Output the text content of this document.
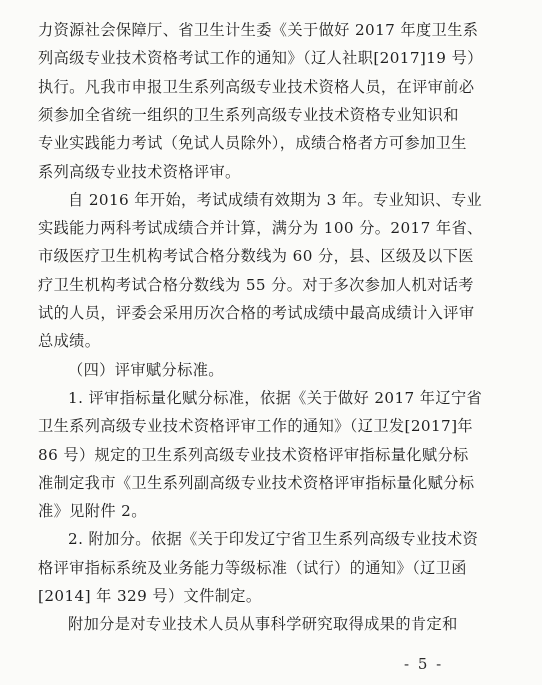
力资源社会保障厅、省卫生计生委《关于做好 2017 年度卫生系
列高级专业技术资格考试工作的通知》（辽人社职[2017]19 号）
执行。凡我市申报卫生系列高级专业技术资格人员，在评审前必
须参加全省统一组织的卫生系列高级专业技术资格专业知识和
专业实践能力考试（免试人员除外），成绩合格者方可参加卫生
系列高级专业技术资格评审。
自 2016 年开始，考试成绩有效期为 3 年。专业知识、专业
实践能力两科考试成绩合并计算，满分为 100 分。2017 年省、
市级医疗卫生机构考试合格分数线为 60 分，县、区级及以下医
疗卫生机构考试合格分数线为 55 分。对于多次参加人机对话考
试的人员，评委会采用历次合格的考试成绩中最高成绩计入评审
总成绩。
（四）评审赋分标准。
1. 评审指标量化赋分标准，依据《关于做好 2017 年辽宁省
卫生系列高级专业技术资格评审工作的通知》（辽卫发[2017]年
86 号）规定的卫生系列高级专业技术资格评审指标量化赋分标
准制定我市《卫生系列副高级专业技术资格评审指标量化赋分标
准》见附件 2。
2. 附加分。依据《关于印发辽宁省卫生系列高级专业技术资
- 5 -
格评审指标系统及业务能力等级标准（试行）的通知》（辽卫函
[2014] 年 329 号）文件制定。
附加分是对专业技术人员从事科学研究取得成果的肯定和
